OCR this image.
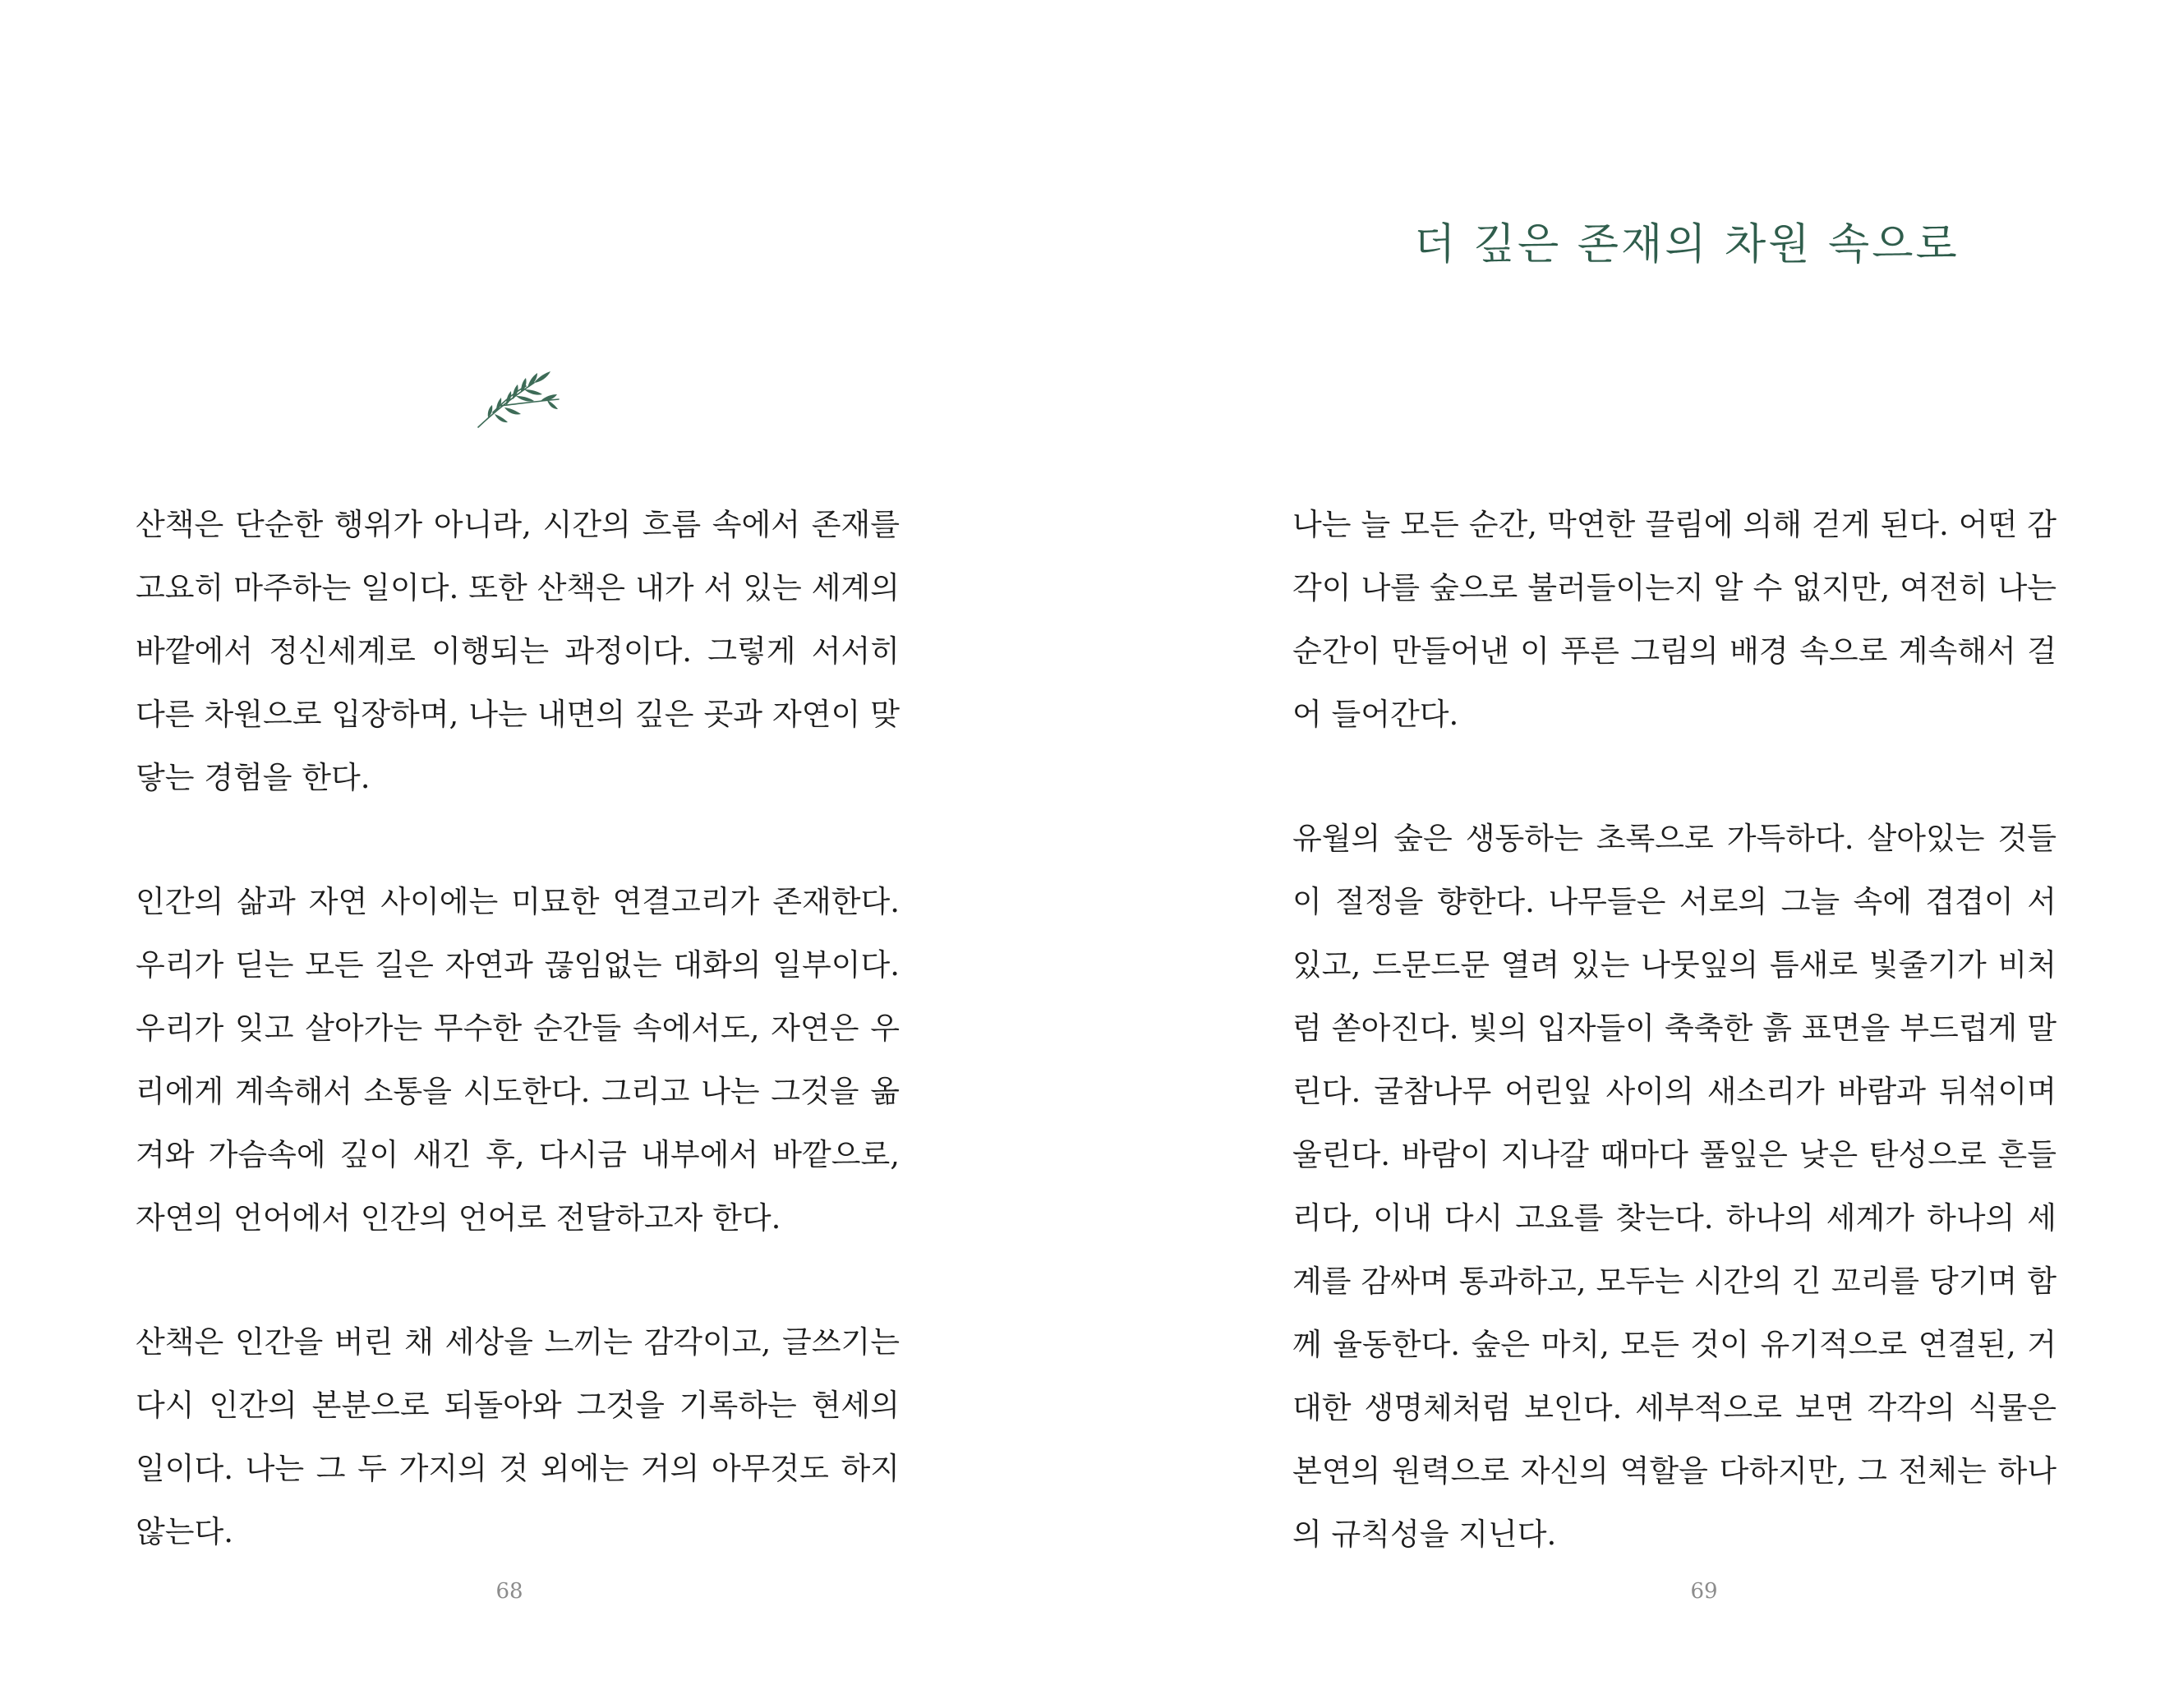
산책은 단순한 행위가 아니라, 시간의 흐름 속에서 존재를 고요히 마주하는 일이다. 또한 산책은 내가 서 있는 세계의 바깥에서 정신세계로 이행되는 과정이다. 그렇게 서서히 다른 차원으로 입장하며, 나는 내면의 깊은 곳과 자연이 맞닿는 경험을 한다.

인간의 삶과 자연 사이에는 미묘한 연결고리가 존재한다. 우리가 딛는 모든 길은 자연과 끊임없는 대화의 일부이다. 우리가 잊고 살아가는 무수한 순간들 속에서도, 자연은 우리에게 계속해서 소통을 시도한다. 그리고 나는 그것을 옮겨와 가슴속에 깊이 새긴 후, 다시금 내부에서 바깥으로, 자연의 언어에서 인간의 언어로 전달하고자 한다.

산책은 인간을 버린 채 세상을 느끼는 감각이고, 글쓰기는 다시 인간의 본분으로 되돌아와 그것을 기록하는 현세의 일이다. 나는 그 두 가지의 것 외에는 거의 아무것도 하지 않는다.

68
더 깊은 존재의 차원 속으로

나는 늘 모든 순간, 막연한 끌림에 의해 걷게 된다. 어떤 감각이 나를 숲으로 불러들이는지 알 수 없지만, 여전히 나는 순간이 만들어낸 이 푸른 그림의 배경 속으로 계속해서 걸어 들어간다.

유월의 숲은 생동하는 초록으로 가득하다. 살아있는 것들이 절정을 향한다. 나무들은 서로의 그늘 속에 겹겹이 서 있고, 드문드문 열려 있는 나뭇잎의 틈새로 빛줄기가 비처럼 쏟아진다. 빛의 입자들이 축축한 흙 표면을 부드럽게 말린다. 굴참나무 어린잎 사이의 새소리가 바람과 뒤섞이며 울린다. 바람이 지나갈 때마다 풀잎은 낮은 탄성으로 흔들리다, 이내 다시 고요를 찾는다. 하나의 세계가 하나의 세계를 감싸며 통과하고, 모두는 시간의 긴 꼬리를 당기며 함께 율동한다. 숲은 마치, 모든 것이 유기적으로 연결된, 거대한 생명체처럼 보인다. 세부적으로 보면 각각의 식물은 본연의 원력으로 자신의 역할을 다하지만, 그 전체는 하나의 규칙성을 지닌다.

69
